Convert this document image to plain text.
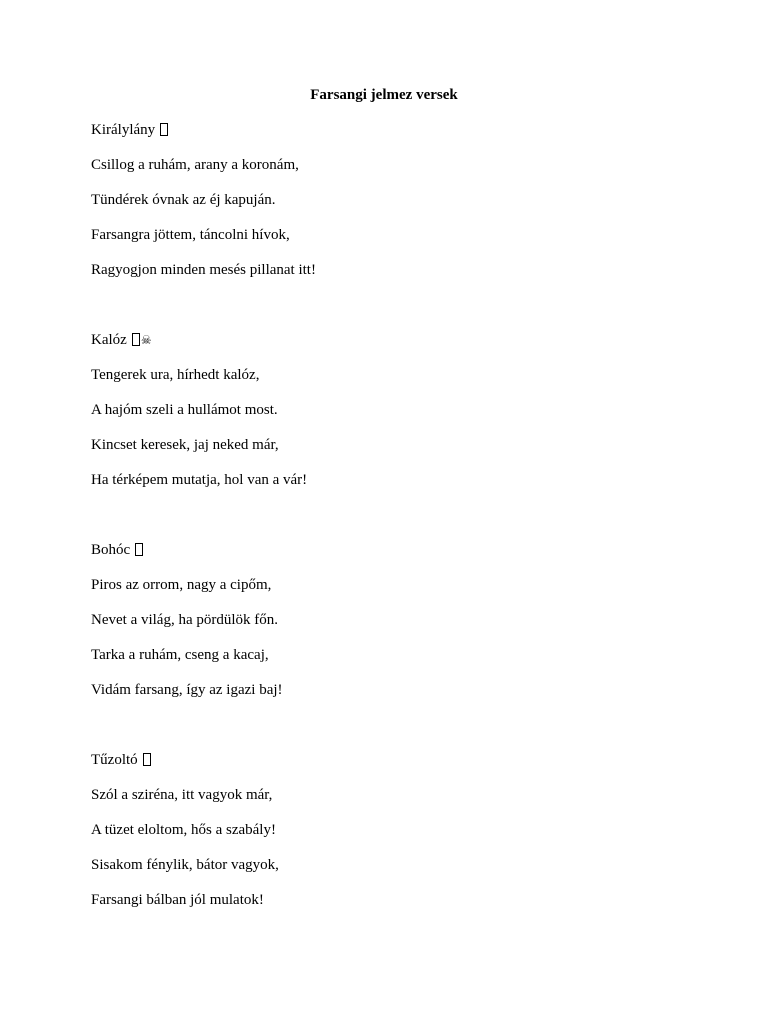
Farsangi jelmez versek
Királylány
Csillog a ruhám, arany a koronám,
Tündérek óvnak az éj kapuján.
Farsangra jöttem, táncolni hívok,
Ragyogjon minden mesés pillanat itt!
Kalóz ☠
Tengerek ura, hírhedt kalóz,
A hajóm szeli a hullámot most.
Kincset keresek, jaj neked már,
Ha térképem mutatja, hol van a vár!
Bohóc
Piros az orrom, nagy a cipőm,
Nevet a világ, ha pördülök főn.
Tarka a ruhám, cseng a kacaj,
Vidám farsang, így az igazi baj!
Tűzoltó
Szól a sziréna, itt vagyok már,
A tüzet eloltom, hős a szabály!
Sisakom fénylik, bátor vagyok,
Farsangi bálban jól mulatok!
